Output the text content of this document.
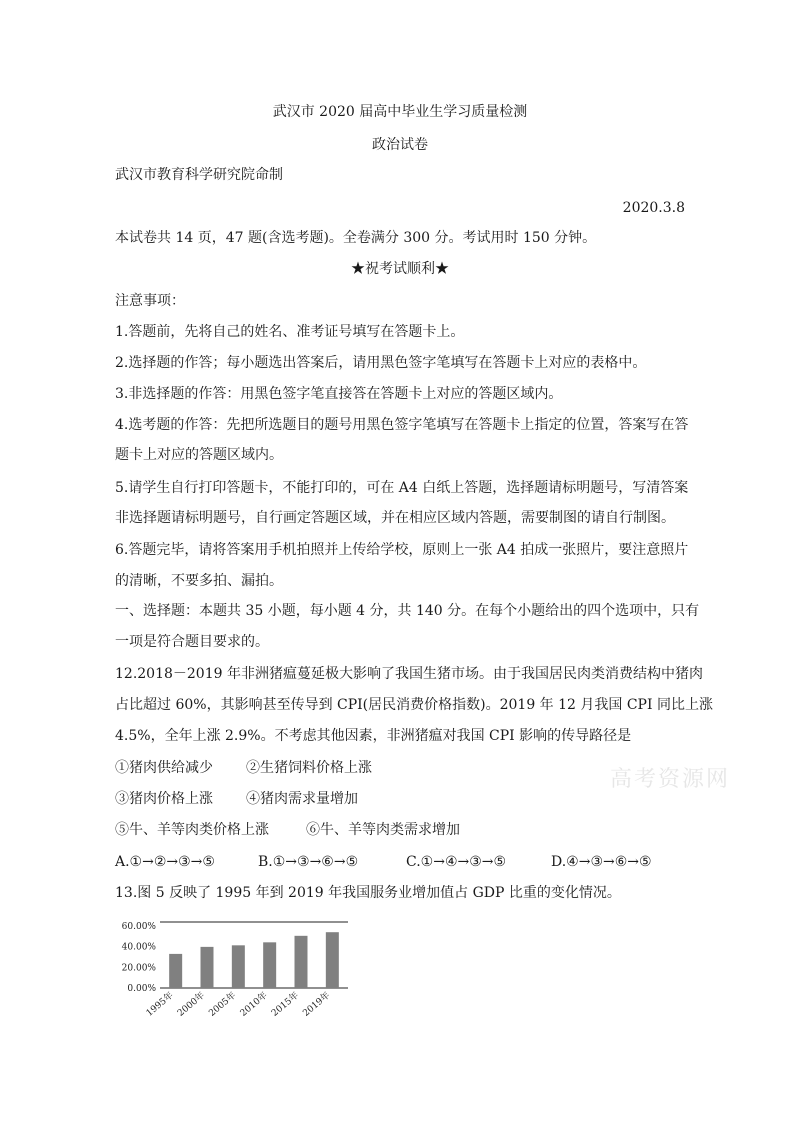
武汉市 2020 届高中毕业生学习质量检测
政治试卷
武汉市教育科学研究院命制
2020.3.8
本试卷共 14 页，47 题(含选考题)。全卷满分 300 分。考试用时 150 分钟。
★祝考试顺利★
注意事项：
1.答题前，先将自己的姓名、准考证号填写在答题卡上。
2.选择题的作答；每小题选出答案后，请用黑色签字笔填写在答题卡上对应的表格中。
3.非选择题的作答：用黑色签字笔直接答在答题卡上对应的答题区域内。
4.选考题的作答：先把所选题目的题号用黑色签字笔填写在答题卡上指定的位置，答案写在答
题卡上对应的答题区域内。
5.请学生自行打印答题卡，不能打印的，可在 A4 白纸上答题，选择题请标明题号，写清答案
非选择题请标明题号，自行画定答题区域，并在相应区域内答题，需要制图的请自行制图。
6.答题完毕，请将答案用手机拍照并上传给学校，原则上一张 A4 拍成一张照片，要注意照片
的清晰，不要多拍、漏拍。
一、选择题：本题共 35 小题，每小题 4 分，共 140 分。在每个小题给出的四个选项中，只有
一项是符合题目要求的。
12.2018－2019 年非洲猪瘟蔓延极大影响了我国生猪市场。由于我国居民肉类消费结构中猪肉
占比超过 60%，其影响甚至传导到 CPI(居民消费价格指数)。2019 年 12 月我国 CPI 同比上涨
4.5%，全年上涨 2.9%。不考虑其他因素，非洲猪瘟对我国 CPI 影响的传导路径是
①猪肉供给减少 ②生猪饲料价格上涨
③猪肉价格上涨 ④猪肉需求量增加
⑤牛、羊等肉类价格上涨	⑥牛、羊等肉类需求增加
A.①→②→③→⑤	B.①→③→⑥→⑤	C.①→④→③→⑤	D.④→③→⑥→⑤
13.图 5 反映了 1995 年到 2019 年我国服务业增加值占 GDP 比重的变化情况。
高考资源网
0.00%
20.00%
40.00%
60.00%
1995年 2000年 2005年 2010年 2015年 2019年
